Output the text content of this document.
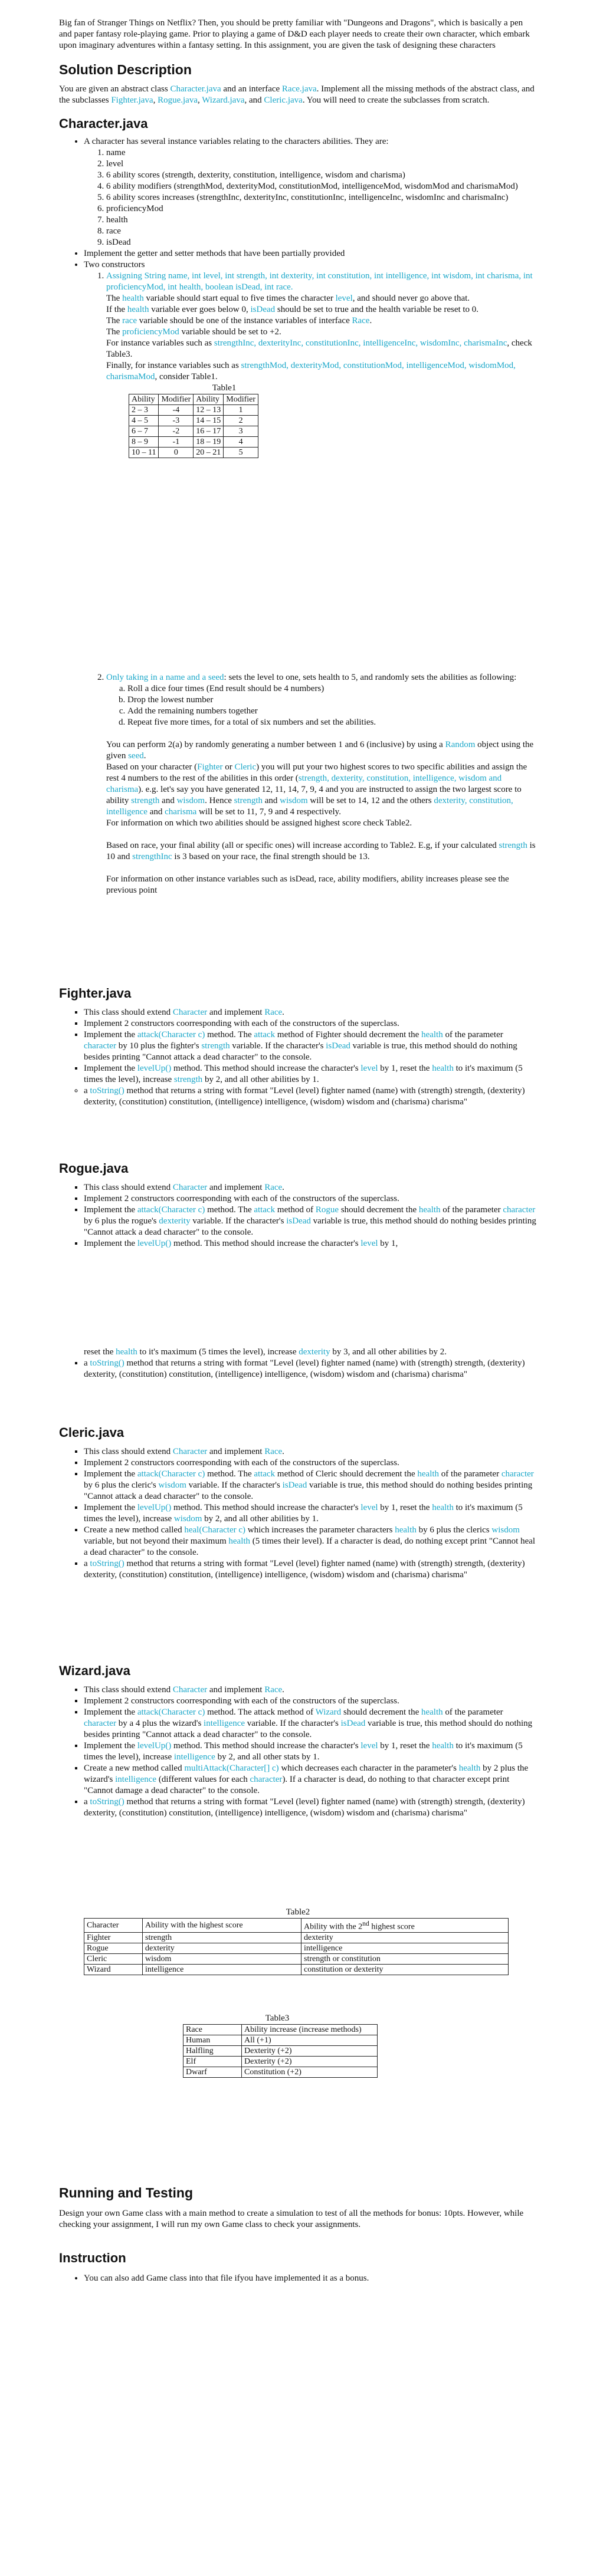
Big fan of Stranger Things on Netflix? Then, you should be pretty familiar with "Dungeons and Dragons", which is basically a pen and paper fantasy role-playing game. Prior to playing a game of D&D each player needs to create their own character, which embark upon imaginary adventures within a fantasy setting. In this assignment, you are given the task of designing these characters

Solution Description

You are given an abstract class Character.java and an interface Race.java. Implement all the missing methods of the abstract class, and the subclasses Fighter.java, Rogue.java, Wizard.java, and Cleric.java. You will need to create the subclasses from scratch.

Character.java
• A character has several instance variables relating to the characters abilities. They are:
1. name
2. level
3. 6 ability scores (strength, dexterity, constitution, intelligence, wisdom and charisma)
4. 6 ability modifiers (strengthMod, dexterityMod, constitutionMod, intelligenceMod, wisdomMod and charismaMod)
5. 6 ability scores increases (strengthInc, dexterityInc, constitutionInc, intelligenceInc, wisdomInc and charismaInc)
6. proficiencyMod
7. health
8. race
9. isDead
• Implement the getter and setter methods that have been partially provided
• Two constructors
1. Assigning String name, int level, int strength, int dexterity, int constitution, int intelligence, int wisdom, int charisma, int proficiencyMod, int health, boolean isDead, int race.
The health variable should start equal to five times the character level, and should never go above that.
If the health variable ever goes below 0, isDead should be set to true and the health variable be reset to 0.
The race variable should be one of the instance variables of interface Race.
The proficiencyMod variable should be set to +2.
For instance variables such as strengthInc, dexterityInc, constitutionInc, intelligenceInc, wisdomInc, charismaInc, check Table3.
Finally, for instance variables such as strengthMod, dexterityMod, constitutionMod, intelligenceMod, wisdomMod, charismaMod, consider Table1.
Table1
Ability	Modifier	Ability	Modifier
2 – 3	-4	12 – 13	1
4 – 5	-3	14 – 15	2
6 – 7	-2	16 – 17	3
8 – 9	-1	18 – 19	4
10 – 11	0	20 – 21	5
2. Only taking in a name and a seed: sets the level to one, sets health to 5, and randomly sets the abilities as following:
a. Roll a dice four times (End result should be 4 numbers)
b. Drop the lowest number
c. Add the remaining numbers together
d. Repeat five more times, for a total of six numbers and set the abilities.

You can perform 2(a) by randomly generating a number between 1 and 6 (inclusive) by using a Random object using the given seed.

Based on your character (Fighter or Cleric) you will put your two highest scores to two specific abilities and assign the rest 4 numbers to the rest of the abilities in this order (strength, dexterity, constitution, intelligence, wisdom and charisma). e.g. let's say you have generated 12, 11, 14, 7, 9, 4 and you are instructed to assign the two largest score to ability strength and wisdom. Hence strength and wisdom will be set to 14, 12 and the others dexterity, constitution, intelligence and charisma will be set to 11, 7, 9 and 4 respectively.

For information on which two abilities should be assigned highest score check Table2.

Based on race, your final ability (all or specific ones) will increase according to Table2. E.g, if your calculated strength is 10 and strengthInc is 3 based on your race, the final strength should be 13.

For information on other instance variables such as isDead, race, ability modifiers, ability increases please see the previous point

Fighter.java
▪ This class should extend Character and implement Race.
▪ Implement 2 constructors coorresponding with each of the constructors of the superclass.
▪ Implement the attack(Character c) method. The attack method of Fighter should decrement the health of the parameter character by 10 plus the fighter's strength variable. If the character's isDead variable is true, this method should do nothing besides printing "Cannot attack a dead character" to the console.
▪ Implement the levelUp() method. This method should increase the character's level by 1, reset the health to it's maximum (5 times the level), increase strength by 2, and all other abilities by 1.
◦ a toString() method that returns a string with format "Level (level) fighter named (name) with (strength) strength, (dexterity) dexterity, (constitution) constitution, (intelligence) intelligence, (wisdom) wisdom and (charisma) charisma"
Rogue.java
▪ This class should extend Character and implement Race.
▪ Implement 2 constructors coorresponding with each of the constructors of the superclass.
▪ Implement the attack(Character c) method. The attack method of Rogue should decrement the health of the parameter character by 6 plus the rogue's dexterity variable. If the character's isDead variable is true, this method should do nothing besides printing "Cannot attack a dead character" to the console.
▪ Implement the levelUp() method. This method should increase the character's level by 1,

reset the health to it's maximum (5 times the level), increase dexterity by 3, and all other abilities by 2.

▪ a toString() method that returns a string with format "Level (level) fighter named (name) with (strength) strength, (dexterity) dexterity, (constitution) constitution, (intelligence) intelligence, (wisdom) wisdom and (charisma) charisma"
Cleric.java
▪ This class should extend Character and implement Race.
▪ Implement 2 constructors coorresponding with each of the constructors of the superclass.
▪ Implement the attack(Character c) method. The attack method of Cleric should decrement the health of the parameter character by 6 plus the cleric's wisdom variable. If the character's isDead variable is true, this method should do nothing besides printing "Cannot attack a dead character" to the console.
▪ Implement the levelUp() method. This method should increase the character's level by 1, reset the health to it's maximum (5 times the level), increase wisdom by 2, and all other abilities by 1.
▪ Create a new method called heal(Character c) which increases the parameter characters health by 6 plus the clerics wisdom variable, but not beyond their maximum health (5 times their level). If a character is dead, do nothing except print "Cannot heal a dead character" to the console.
▪ a toString() method that returns a string with format "Level (level) fighter named (name) with (strength) strength, (dexterity) dexterity, (constitution) constitution, (intelligence) intelligence, (wisdom) wisdom and (charisma) charisma"
Wizard.java
▪ This class should extend Character and implement Race.
▪ Implement 2 constructors coorresponding with each of the constructors of the superclass.
▪ Implement the attack(Character c) method. The attack method of Wizard should decrement the health of the parameter character by a 4 plus the wizard's intelligence variable. If the character's isDead variable is true, this method should do nothing besides printing "Cannot attack a dead character" to the console.
▪ Implement the levelUp() method. This method should increase the character's level by 1, reset the health to it's maximum (5 times the level), increase intelligence by 2, and all other stats by 1.
▪ Create a new method called multiAttack(Character[] c) which decreases each character in the parameter's health by 2 plus the wizard's intelligence (different values for each character). If a character is dead, do nothing to that character except print "Cannot damage a dead character" to the console.
▪ a toString() method that returns a string with format "Level (level) fighter named (name) with (strength) strength, (dexterity) dexterity, (constitution) constitution, (intelligence) intelligence, (wisdom) wisdom and (charisma) charisma"
Table2
Character	Ability with the highest score	Ability with the 2nd highest score
Fighter	strength	dexterity
Rogue	dexterity	intelligence
Cleric	wisdom	strength or constitution
Wizard	intelligence	constitution or dexterity
Table3
Race	Ability increase (increase methods)
Human	All (+1)
Halfling	Dexterity (+2)
Elf	Dexterity (+2)
Dwarf	Constitution (+2)
Running and Testing

Design your own Game class with a main method to create a simulation to test of all the methods for bonus: 10pts. However, while checking your assignment, I will run my own Game class to check your assignments.

Instruction
• You can also add Game class into that file ifyou have implemented it as a bonus.
